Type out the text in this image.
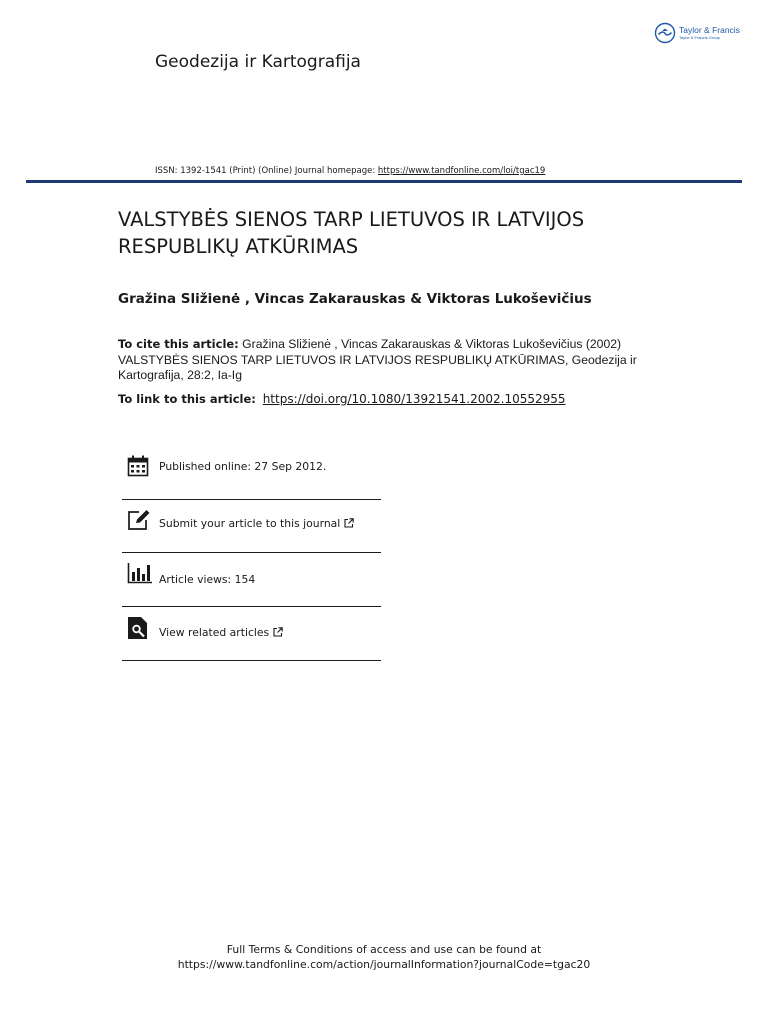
Taylor & Francis
Taylor & Francis Group
Geodezija ir Kartografija
ISSN: 1392-1541 (Print) (Online) Journal homepage: https://www.tandfonline.com/loi/tgac19
VALSTYBĖS SIENOS TARP LIETUVOS IR LATVIJOS RESPUBLIKŲ ATKŪRIMAS
Gražina Sližienė , Vincas Zakarauskas & Viktoras Lukoševičius
To cite this article: Gražina Sližienė , Vincas Zakarauskas & Viktoras Lukoševičius (2002) VALSTYBĖS SIENOS TARP LIETUVOS IR LATVIJOS RESPUBLIKŲ ATKŪRIMAS, Geodezija ir Kartografija, 28:2, Ia-Ig
To link to this article: https://doi.org/10.1080/13921541.2002.10552955
Published online: 27 Sep 2012.
Submit your article to this journal
Article views: 154
View related articles
Full Terms & Conditions of access and use can be found at
https://www.tandfonline.com/action/journalInformation?journalCode=tgac20
